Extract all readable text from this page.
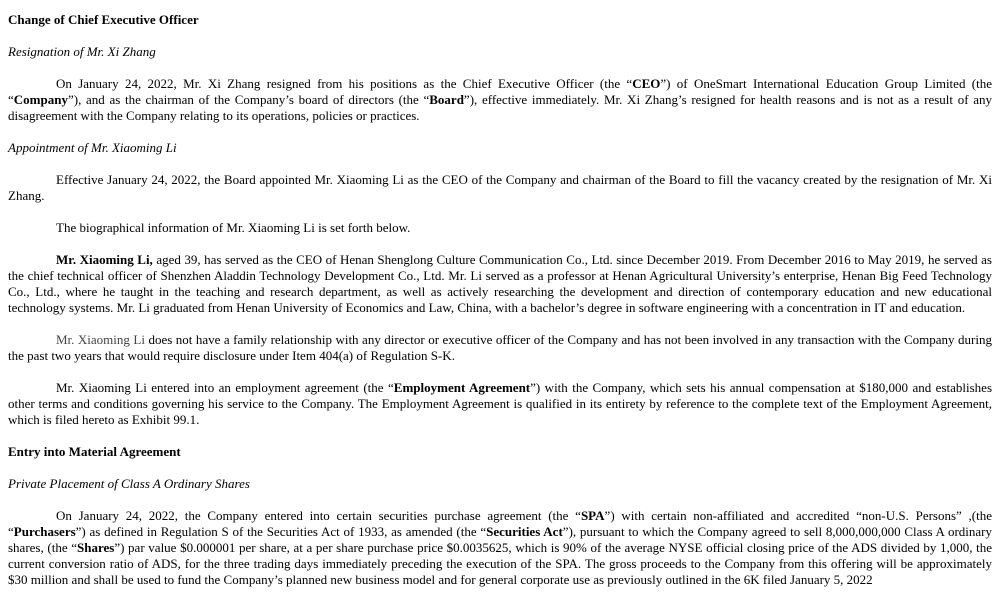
Change of Chief Executive Officer
Resignation of Mr. Xi Zhang

On January 24, 2022, Mr. Xi Zhang resigned from his positions as the Chief Executive Officer (the “CEO”) of OneSmart International Education Group Limited (the “Company”), and as the chairman of the Company’s board of directors (the “Board”), effective immediately. Mr. Xi Zhang’s resigned for health reasons and is not as a result of any disagreement with the Company relating to its operations, policies or practices.

Appointment of Mr. Xiaoming Li

Effective January 24, 2022, the Board appointed Mr. Xiaoming Li as the CEO of the Company and chairman of the Board to fill the vacancy created by the resignation of Mr. Xi Zhang.

The biographical information of Mr. Xiaoming Li is set forth below.

Mr. Xiaoming Li, aged 39, has served as the CEO of Henan Shenglong Culture Communication Co., Ltd. since December 2019. From December 2016 to May 2019, he served as the chief technical officer of Shenzhen Aladdin Technology Development Co., Ltd. Mr. Li served as a professor at Henan Agricultural University’s enterprise, Henan Big Feed Technology Co., Ltd., where he taught in the teaching and research department, as well as actively researching the development and direction of contemporary education and new educational technology systems. Mr. Li graduated from Henan University of Economics and Law, China, with a bachelor’s degree in software engineering with a concentration in IT and education.

Mr. Xiaoming Li does not have a family relationship with any director or executive officer of the Company and has not been involved in any transaction with the Company during the past two years that would require disclosure under Item 404(a) of Regulation S-K.

Mr. Xiaoming Li entered into an employment agreement (the “Employment Agreement”) with the Company, which sets his annual compensation at $180,000 and establishes other terms and conditions governing his service to the Company. The Employment Agreement is qualified in its entirety by reference to the complete text of the Employment Agreement, which is filed hereto as Exhibit 99.1.

Entry into Material Agreement
Private Placement of Class A Ordinary Shares

On January 24, 2022, the Company entered into certain securities purchase agreement (the “SPA”) with certain non-affiliated and accredited “non-U.S. Persons” ,(the “Purchasers”) as defined in Regulation S of the Securities Act of 1933, as amended (the “Securities Act”), pursuant to which the Company agreed to sell 8,000,000,000 Class A ordinary shares, (the “Shares”) par value $0.000001 per share, at a per share purchase price $0.0035625, which is 90% of the average NYSE official closing price of the ADS divided by 1,000, the current conversion ratio of ADS, for the three trading days immediately preceding the execution of the SPA. The gross proceeds to the Company from this offering will be approximately $30 million and shall be used to fund the Company’s planned new business model and for general corporate use as previously outlined in the 6K filed January 5, 2022
